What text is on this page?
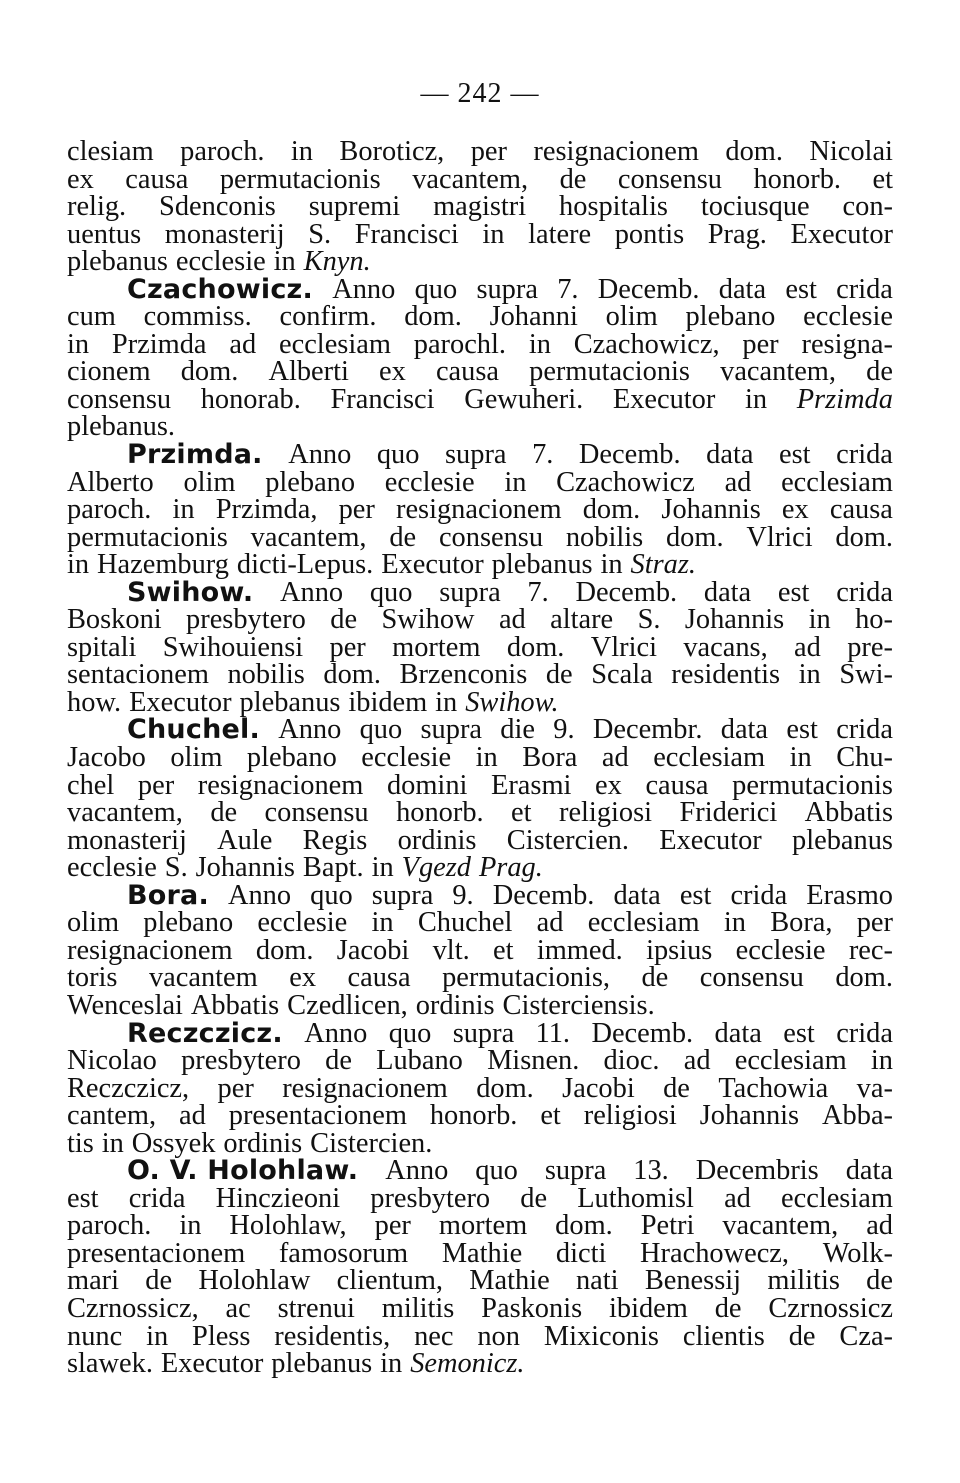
— 242 —
clesiam paroch. in Boroticz, per resignacionem dom. Nicolai
ex causa permutacionis vacantem, de consensu honorb. et
relig. Sdenconis supremi magistri hospitalis tociusque con-
uentus monasterij S. Francisci in latere pontis Prag. Executor
plebanus ecclesie in Knyn.
Czachowicz. Anno quo supra 7. Decemb. data est crida
cum commiss. confirm. dom. Johanni olim plebano ecclesie
in Przimda ad ecclesiam parochl. in Czachowicz, per resigna-
cionem dom. Alberti ex causa permutacionis vacantem, de
consensu honorab. Francisci Gewuheri. Executor in Przimda
plebanus.
Przimda. Anno quo supra 7. Decemb. data est crida
Alberto olim plebano ecclesie in Czachowicz ad ecclesiam
paroch. in Przimda, per resignacionem dom. Johannis ex causa
permutacionis vacantem, de consensu nobilis dom. Vlrici dom.
in Hazemburg dicti-Lepus. Executor plebanus in Straz.
Swihow. Anno quo supra 7. Decemb. data est crida
Boskoni presbytero de Swihow ad altare S. Johannis in ho-
spitali Swihouiensi per mortem dom. Vlrici vacans, ad pre-
sentacionem nobilis dom. Brzenconis de Scala residentis in Swi-
how. Executor plebanus ibidem in Swihow.
Chuchel. Anno quo supra die 9. Decembr. data est crida
Jacobo olim plebano ecclesie in Bora ad ecclesiam in Chu-
chel per resignacionem domini Erasmi ex causa permutacionis
vacantem, de consensu honorb. et religiosi Friderici Abbatis
monasterij Aule Regis ordinis Cistercien. Executor plebanus
ecclesie S. Johannis Bapt. in Vgezd Prag.
Bora. Anno quo supra 9. Decemb. data est crida Erasmo
olim plebano ecclesie in Chuchel ad ecclesiam in Bora, per
resignacionem dom. Jacobi vlt. et immed. ipsius ecclesie rec-
toris vacantem ex causa permutacionis, de consensu dom.
Wenceslai Abbatis Czedlicen, ordinis Cisterciensis.
Reczczicz. Anno quo supra 11. Decemb. data est crida
Nicolao presbytero de Lubano Misnen. dioc. ad ecclesiam in
Reczczicz, per resignacionem dom. Jacobi de Tachowia va-
cantem, ad presentacionem honorb. et religiosi Johannis Abba-
tis in Ossyek ordinis Cistercien.
O. V. Holohlaw. Anno quo supra 13. Decembris data
est crida Hinczieoni presbytero de Luthomisl ad ecclesiam
paroch. in Holohlaw, per mortem dom. Petri vacantem, ad
presentacionem famosorum Mathie dicti Hrachowecz, Wolk-
mari de Holohlaw clientum, Mathie nati Benessij militis de
Czrnossicz, ac strenui militis Paskonis ibidem de Czrnossicz
nunc in Pless residentis, nec non Mixiconis clientis de Cza-
slawek. Executor plebanus in Semonicz.
